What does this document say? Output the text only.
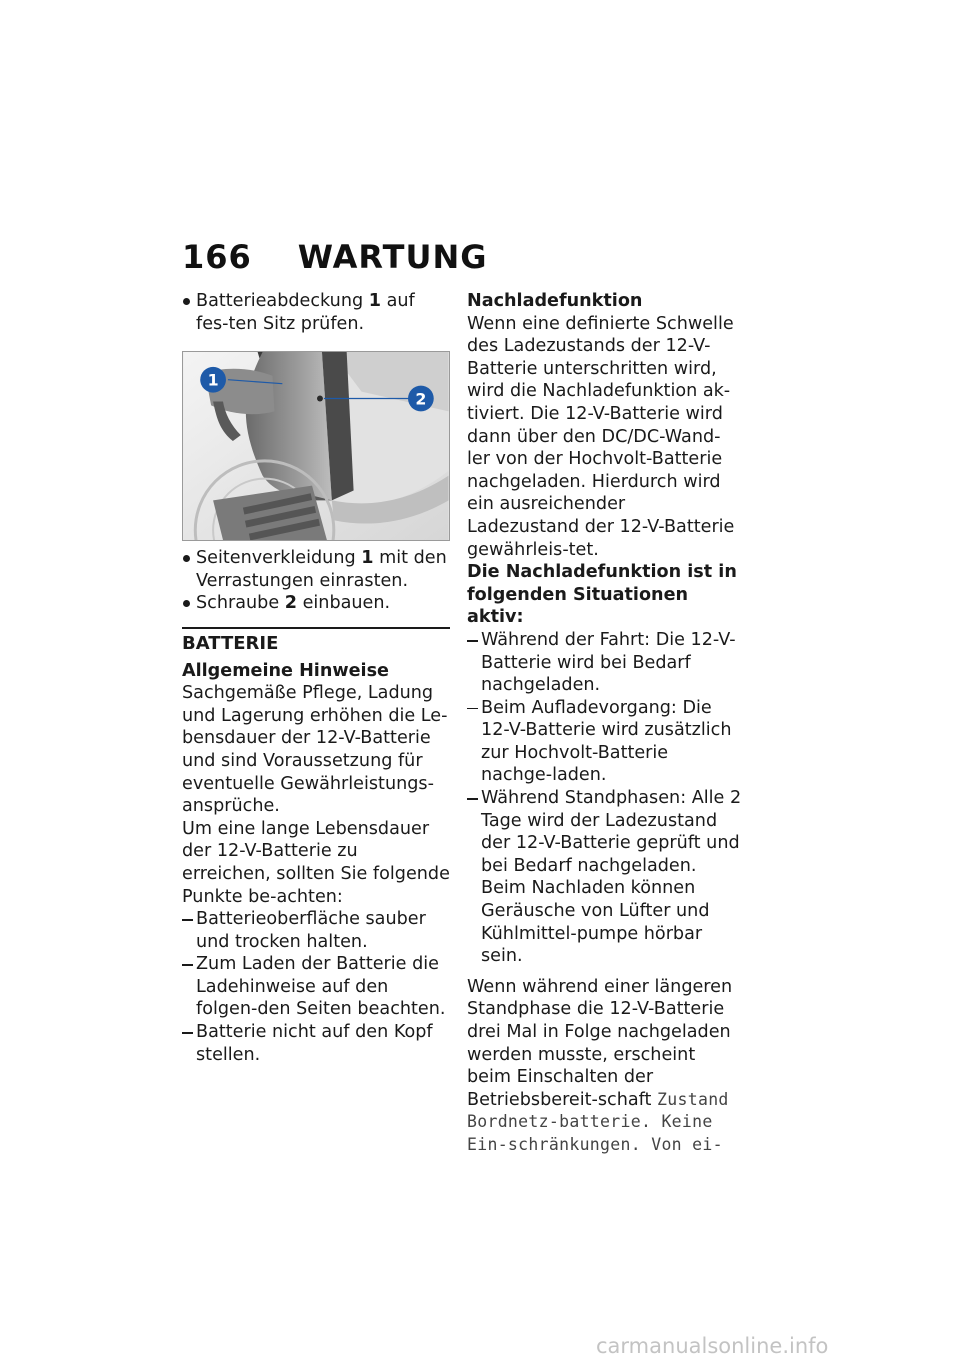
166 WARTUNG
Batterieabdeckung 1 auf fes-ten Sitz prüfen.
1
2
Seitenverkleidung 1 mit den Verrastungen einrasten.
Schraube 2 einbauen.
BATTERIE
Allgemeine Hinweise

Sachgemäße Pflege, Ladung und Lagerung erhöhen die Le-bensdauer der 12-V-Batterie und sind Voraussetzung für eventuelle Gewährleistungs-ansprüche.

Um eine lange Lebensdauer der 12-V-Batterie zu erreichen, sollten Sie folgende Punkte be-achten:

Batterieoberfläche sauber und trocken halten.
Zum Laden der Batterie die Ladehinweise auf den folgen-den Seiten beachten.
Batterie nicht auf den Kopf stellen.
Nachladefunktion

Wenn eine definierte Schwelle des Ladezustands der 12-V-Batterie unterschritten wird, wird die Nachladefunktion ak-tiviert. Die 12-V-Batterie wird dann über den DC/DC-Wand-ler von der Hochvolt-Batterie nachgeladen. Hierdurch wird ein ausreichender Ladezustand der 12-V-Batterie gewährleis-tet.

Die Nachladefunktion ist in folgenden Situationen aktiv:
Während der Fahrt: Die 12-V-Batterie wird bei Bedarf nachgeladen.
Beim Aufladevorgang: Die 12-V-Batterie wird zusätzlich zur Hochvolt-Batterie nachge-laden.
Während Standphasen: Alle 2 Tage wird der Ladezustand der 12-V-Batterie geprüft und bei Bedarf nachgeladen. Beim Nachladen können Geräusche von Lüfter und Kühlmittel-pumpe hörbar sein.

Wenn während einer längeren Standphase die 12-V-Batterie drei Mal in Folge nachgeladen werden musste, erscheint beim Einschalten der Betriebsbereit-schaft Zustand Bordnetz-batterie. Keine Ein-schränkungen. Von ei-

carmanualsonline.info
